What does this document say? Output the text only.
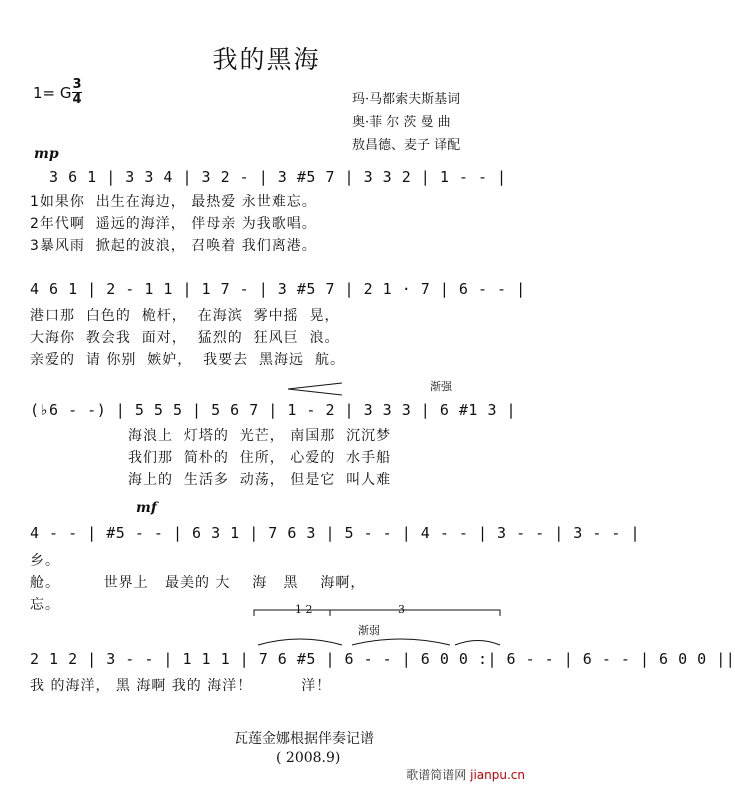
我的黑海
1= G 3
4	玛·马都索夫斯基词
奥·菲 尔 茨 曼 曲
敖昌德、麦子 译配
mp
3 6 1 | 3 3 4 | 3 2 - | 3 #5 7 | 3 3 2 | 1 - - |
1如果你  出生在海边， 最热爱 永世难忘。
2年代啊  遥远的海洋， 伴母亲 为我歌唱。
3暴风雨  掀起的波浪， 召唤着 我们离港。
4 6 1 | 2 - 1 1 | 1 7 - | 3 #5 7 | 2 1 · 7 | 6 - - |
港口那  白色的  桅杆，  在海滨  雾中摇  晃，
大海你  教会我  面对，  猛烈的  狂风巨  浪。
亲爱的  请 你别  嫉妒，  我要去  黑海远  航。
渐强
(♭6 - -) | 5 5 5 | 5 6 7 | 1 - 2 | 3 3 3 | 6 #1 3 |
海浪上  灯塔的  光芒， 南国那  沉沉梦
我们那  简朴的  住所， 心爱的  水手船
海上的  生活多  动荡， 但是它  叫人难
mf
4 - - | #5 - - | 6 3 1 | 7 6 3 | 5 - - | 4 - - | 3 - - | 3 - - |
乡。
舱。        世界上   最美的 大    海   黑    海啊，
忘。	1 2	3
渐弱
2 1 2 | 3 - - | 1 1 1 | 7 6 #5 | 6 - - | 6 0 0 :| 6 - - | 6 - - | 6 0 0 ||
我 的海洋， 黑 海啊 我的 海洋！         洋！
瓦莲金娜根据伴奏记谱
( 2008.9)
歌谱简谱网 jianpu.cn
